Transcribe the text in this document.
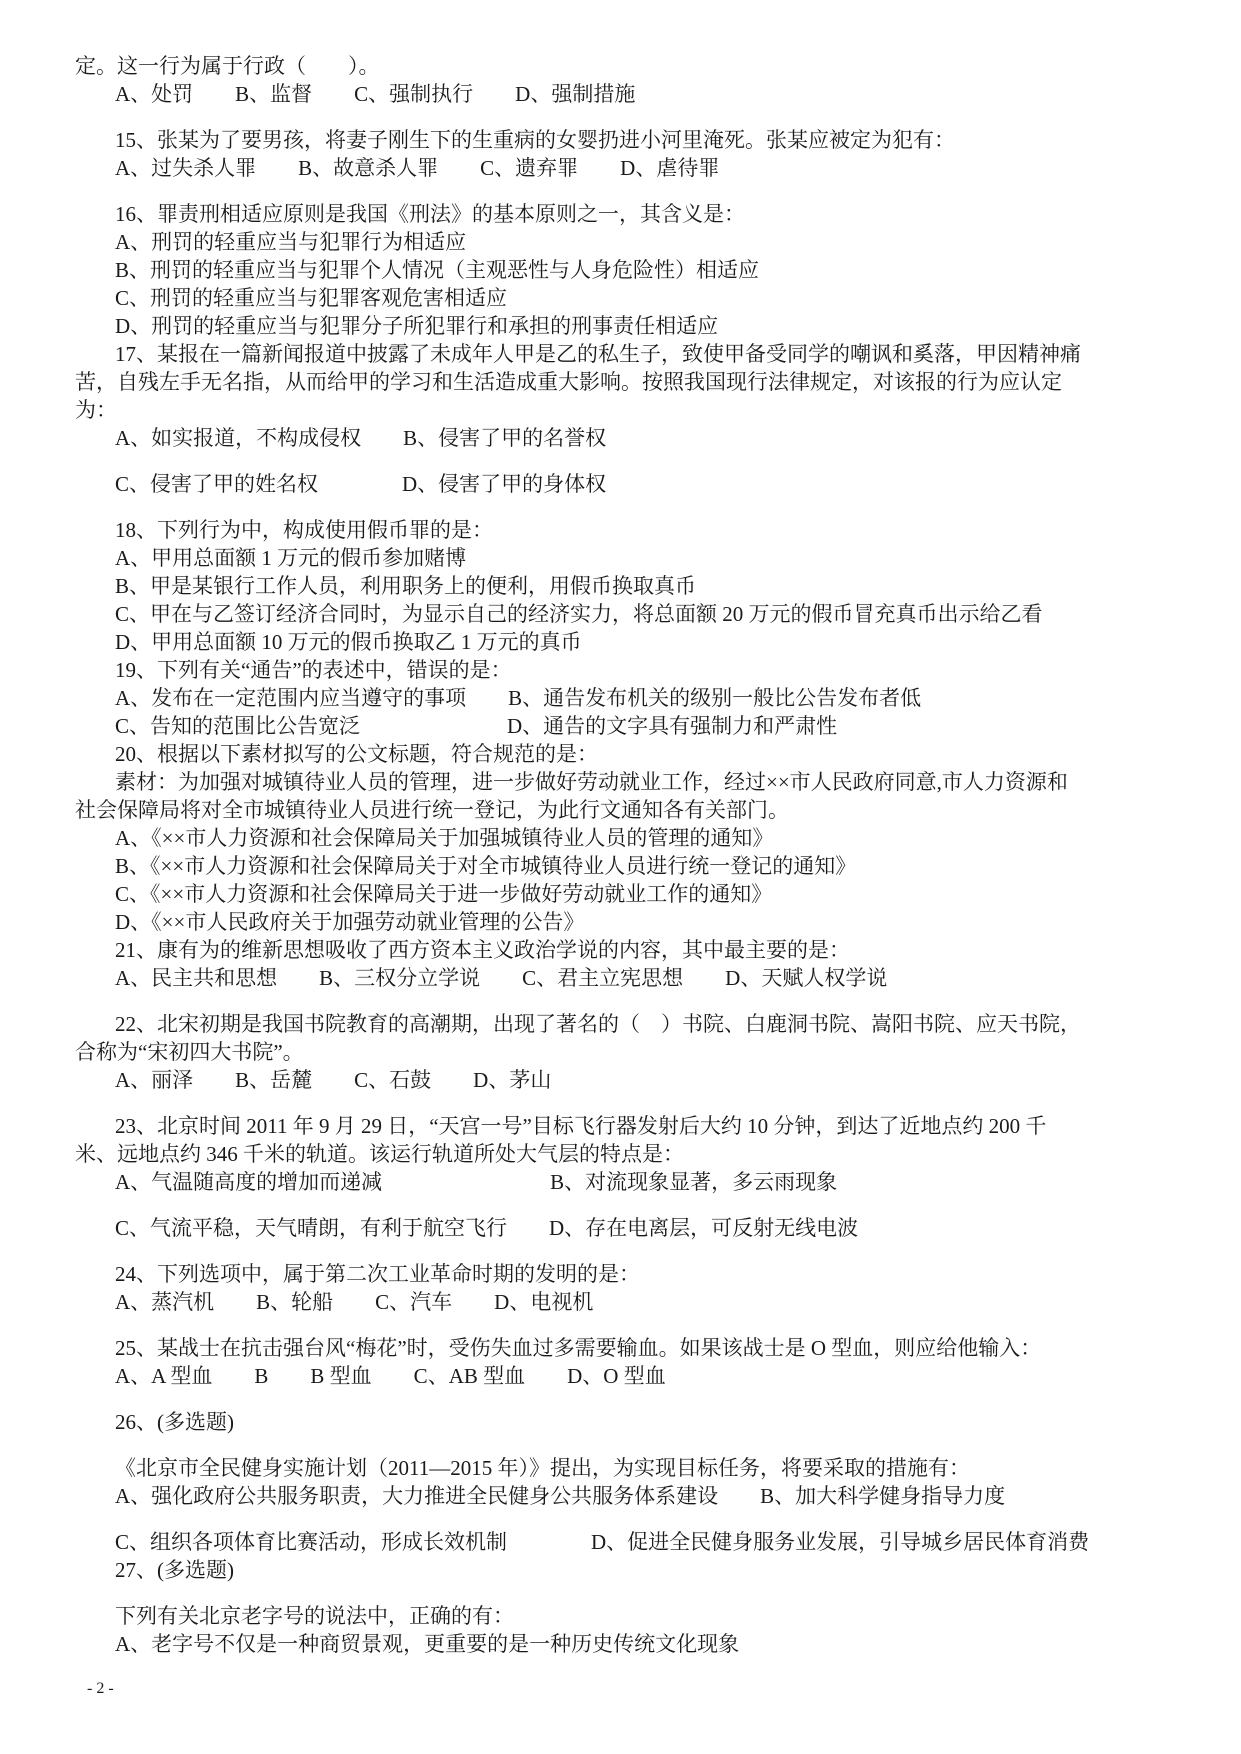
定。这一行为属于行政（　　）。
A、处罚　　B、监督　　C、强制执行　　D、强制措施
15、张某为了要男孩，将妻子刚生下的生重病的女婴扔进小河里淹死。张某应被定为犯有：
A、过失杀人罪　　B、故意杀人罪　　C、遗弃罪　　D、虐待罪
16、罪责刑相适应原则是我国《刑法》的基本原则之一，其含义是：
A、刑罚的轻重应当与犯罪行为相适应
B、刑罚的轻重应当与犯罪个人情况（主观恶性与人身危险性）相适应
C、刑罚的轻重应当与犯罪客观危害相适应
D、刑罚的轻重应当与犯罪分子所犯罪行和承担的刑事责任相适应
17、某报在一篇新闻报道中披露了未成年人甲是乙的私生子，致使甲备受同学的嘲讽和奚落，甲因精神痛
苦，自残左手无名指，从而给甲的学习和生活造成重大影响。按照我国现行法律规定，对该报的行为应认定
为：
A、如实报道，不构成侵权　　B、侵害了甲的名誉权
C、侵害了甲的姓名权　　　　D、侵害了甲的身体权
18、下列行为中，构成使用假币罪的是：
A、甲用总面额 1 万元的假币参加赌博
B、甲是某银行工作人员，利用职务上的便利，用假币换取真币
C、甲在与乙签订经济合同时，为显示自己的经济实力，将总面额 20 万元的假币冒充真币出示给乙看
D、甲用总面额 10 万元的假币换取乙 1 万元的真币
19、下列有关“通告”的表述中，错误的是：
A、发布在一定范围内应当遵守的事项　　B、通告发布机关的级别一般比公告发布者低
C、告知的范围比公告宽泛　　　　　　　D、通告的文字具有强制力和严肃性
20、根据以下素材拟写的公文标题，符合规范的是：
素材：为加强对城镇待业人员的管理，进一步做好劳动就业工作，经过××市人民政府同意,市人力资源和
社会保障局将对全市城镇待业人员进行统一登记，为此行文通知各有关部门。
A、《××市人力资源和社会保障局关于加强城镇待业人员的管理的通知》
B、《××市人力资源和社会保障局关于对全市城镇待业人员进行统一登记的通知》
C、《××市人力资源和社会保障局关于进一步做好劳动就业工作的通知》
D、《××市人民政府关于加强劳动就业管理的公告》
21、康有为的维新思想吸收了西方资本主义政治学说的内容，其中最主要的是：
A、民主共和思想　　B、三权分立学说　　C、君主立宪思想　　D、天赋人权学说
22、北宋初期是我国书院教育的高潮期，出现了著名的（　）书院、白鹿洞书院、嵩阳书院、应天书院，
合称为“宋初四大书院”。
A、丽泽　　B、岳麓　　C、石鼓　　D、茅山
23、北京时间 2011 年 9 月 29 日，“天宫一号”目标飞行器发射后大约 10 分钟，到达了近地点约 200 千
米、远地点约 346 千米的轨道。该运行轨道所处大气层的特点是：
A、气温随高度的增加而递减　　　　　　　　B、对流现象显著，多云雨现象
C、气流平稳，天气晴朗，有利于航空飞行　　D、存在电离层，可反射无线电波
24、下列选项中，属于第二次工业革命时期的发明的是：
A、蒸汽机　　B、轮船　　C、汽车　　D、电视机
25、某战士在抗击强台风“梅花”时，受伤失血过多需要输血。如果该战士是 O 型血，则应给他输入：
A、A 型血　　B　　B 型血　　C、AB 型血　　D、O 型血
26、(多选题)
《北京市全民健身实施计划（2011—2015 年）》提出，为实现目标任务，将要采取的措施有：
A、强化政府公共服务职责，大力推进全民健身公共服务体系建设　　B、加大科学健身指导力度
C、组织各项体育比赛活动，形成长效机制　　　　D、促进全民健身服务业发展，引导城乡居民体育消费
27、(多选题)
下列有关北京老字号的说法中，正确的有：
A、老字号不仅是一种商贸景观，更重要的是一种历史传统文化现象
- 2 -
